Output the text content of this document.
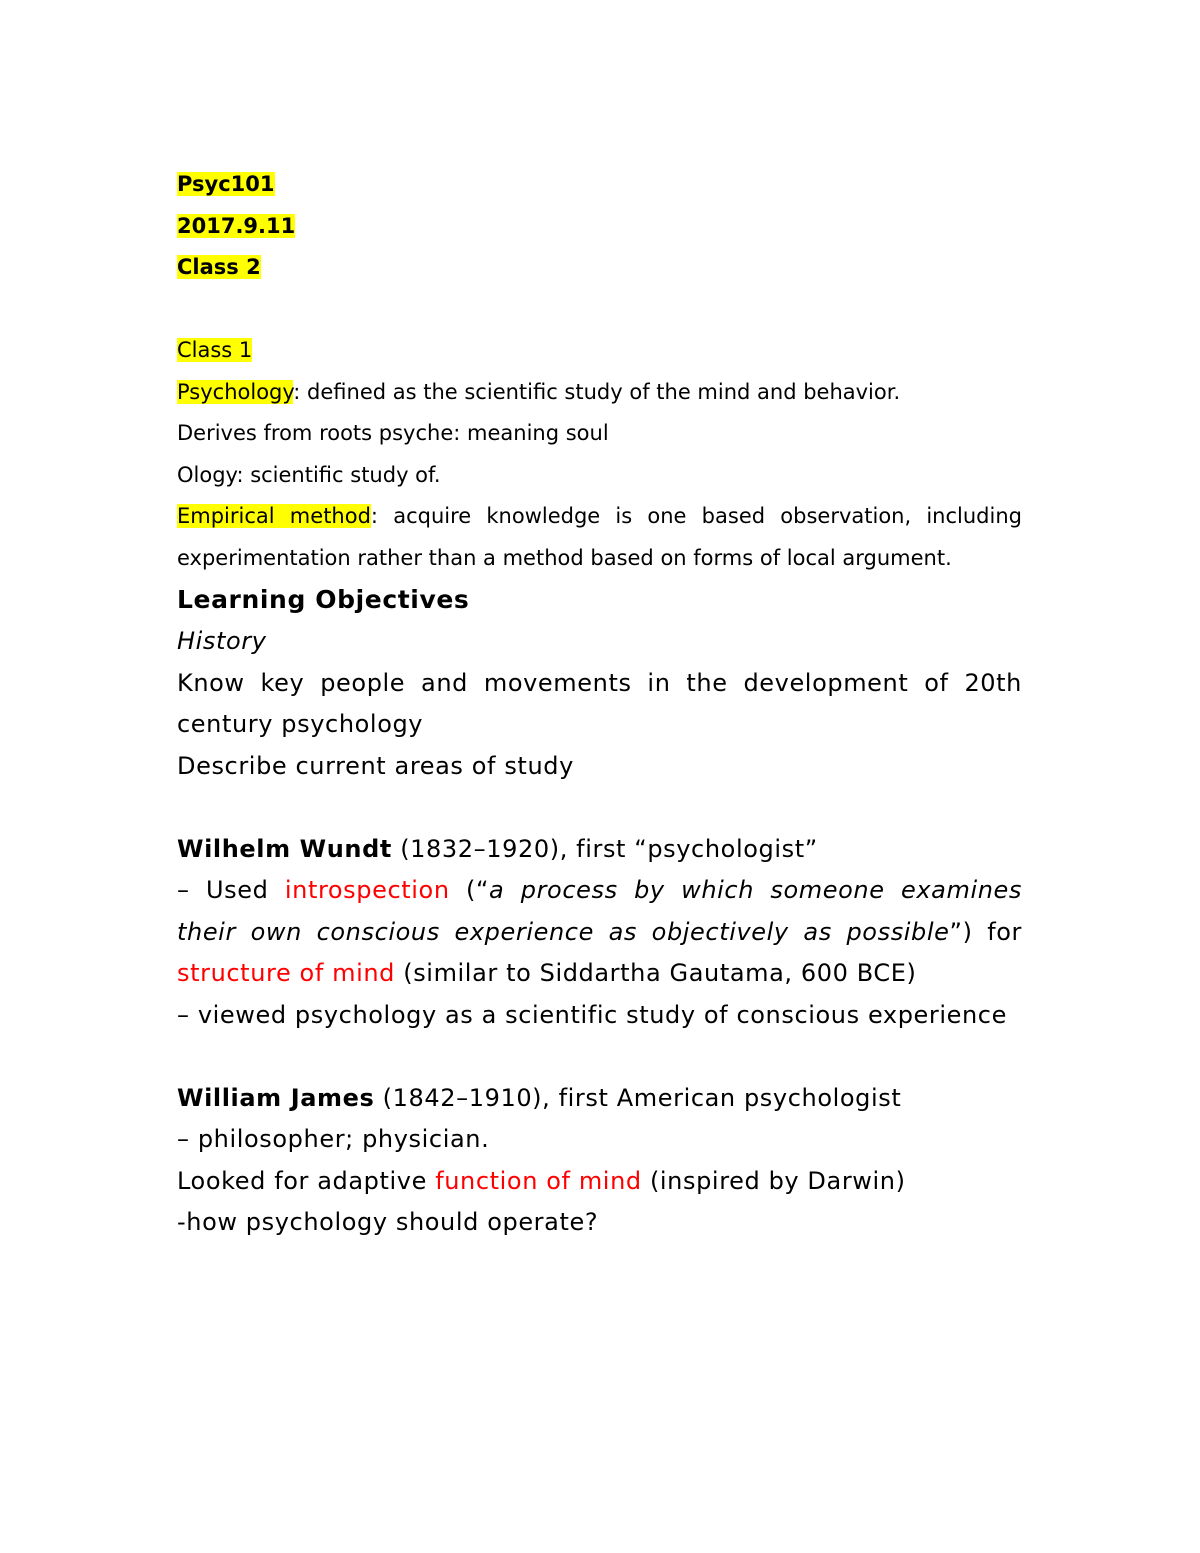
Psyc101

2017.9.11

Class 2

Class 1

Psychology: defined as the scientific study of the mind and behavior.

Derives from roots psyche: meaning soul

Ology: scientific study of.

Empirical method: acquire knowledge is one based observation, including experimentation rather than a method based on forms of local argument.

Learning Objectives

History

Know key people and movements in the development of 20th century psychology

Describe current areas of study

Wilhelm Wundt (1832–1920), first “psychologist”

– Used introspection (“a process by which someone examines their own conscious experience as objectively as possible”) for structure of mind (similar to Siddartha Gautama, 600 BCE)

– viewed psychology as a scientific study of conscious experience

William James (1842–1910), first American psychologist

– philosopher; physician.

Looked for adaptive function of mind (inspired by Darwin)

-how psychology should operate?
